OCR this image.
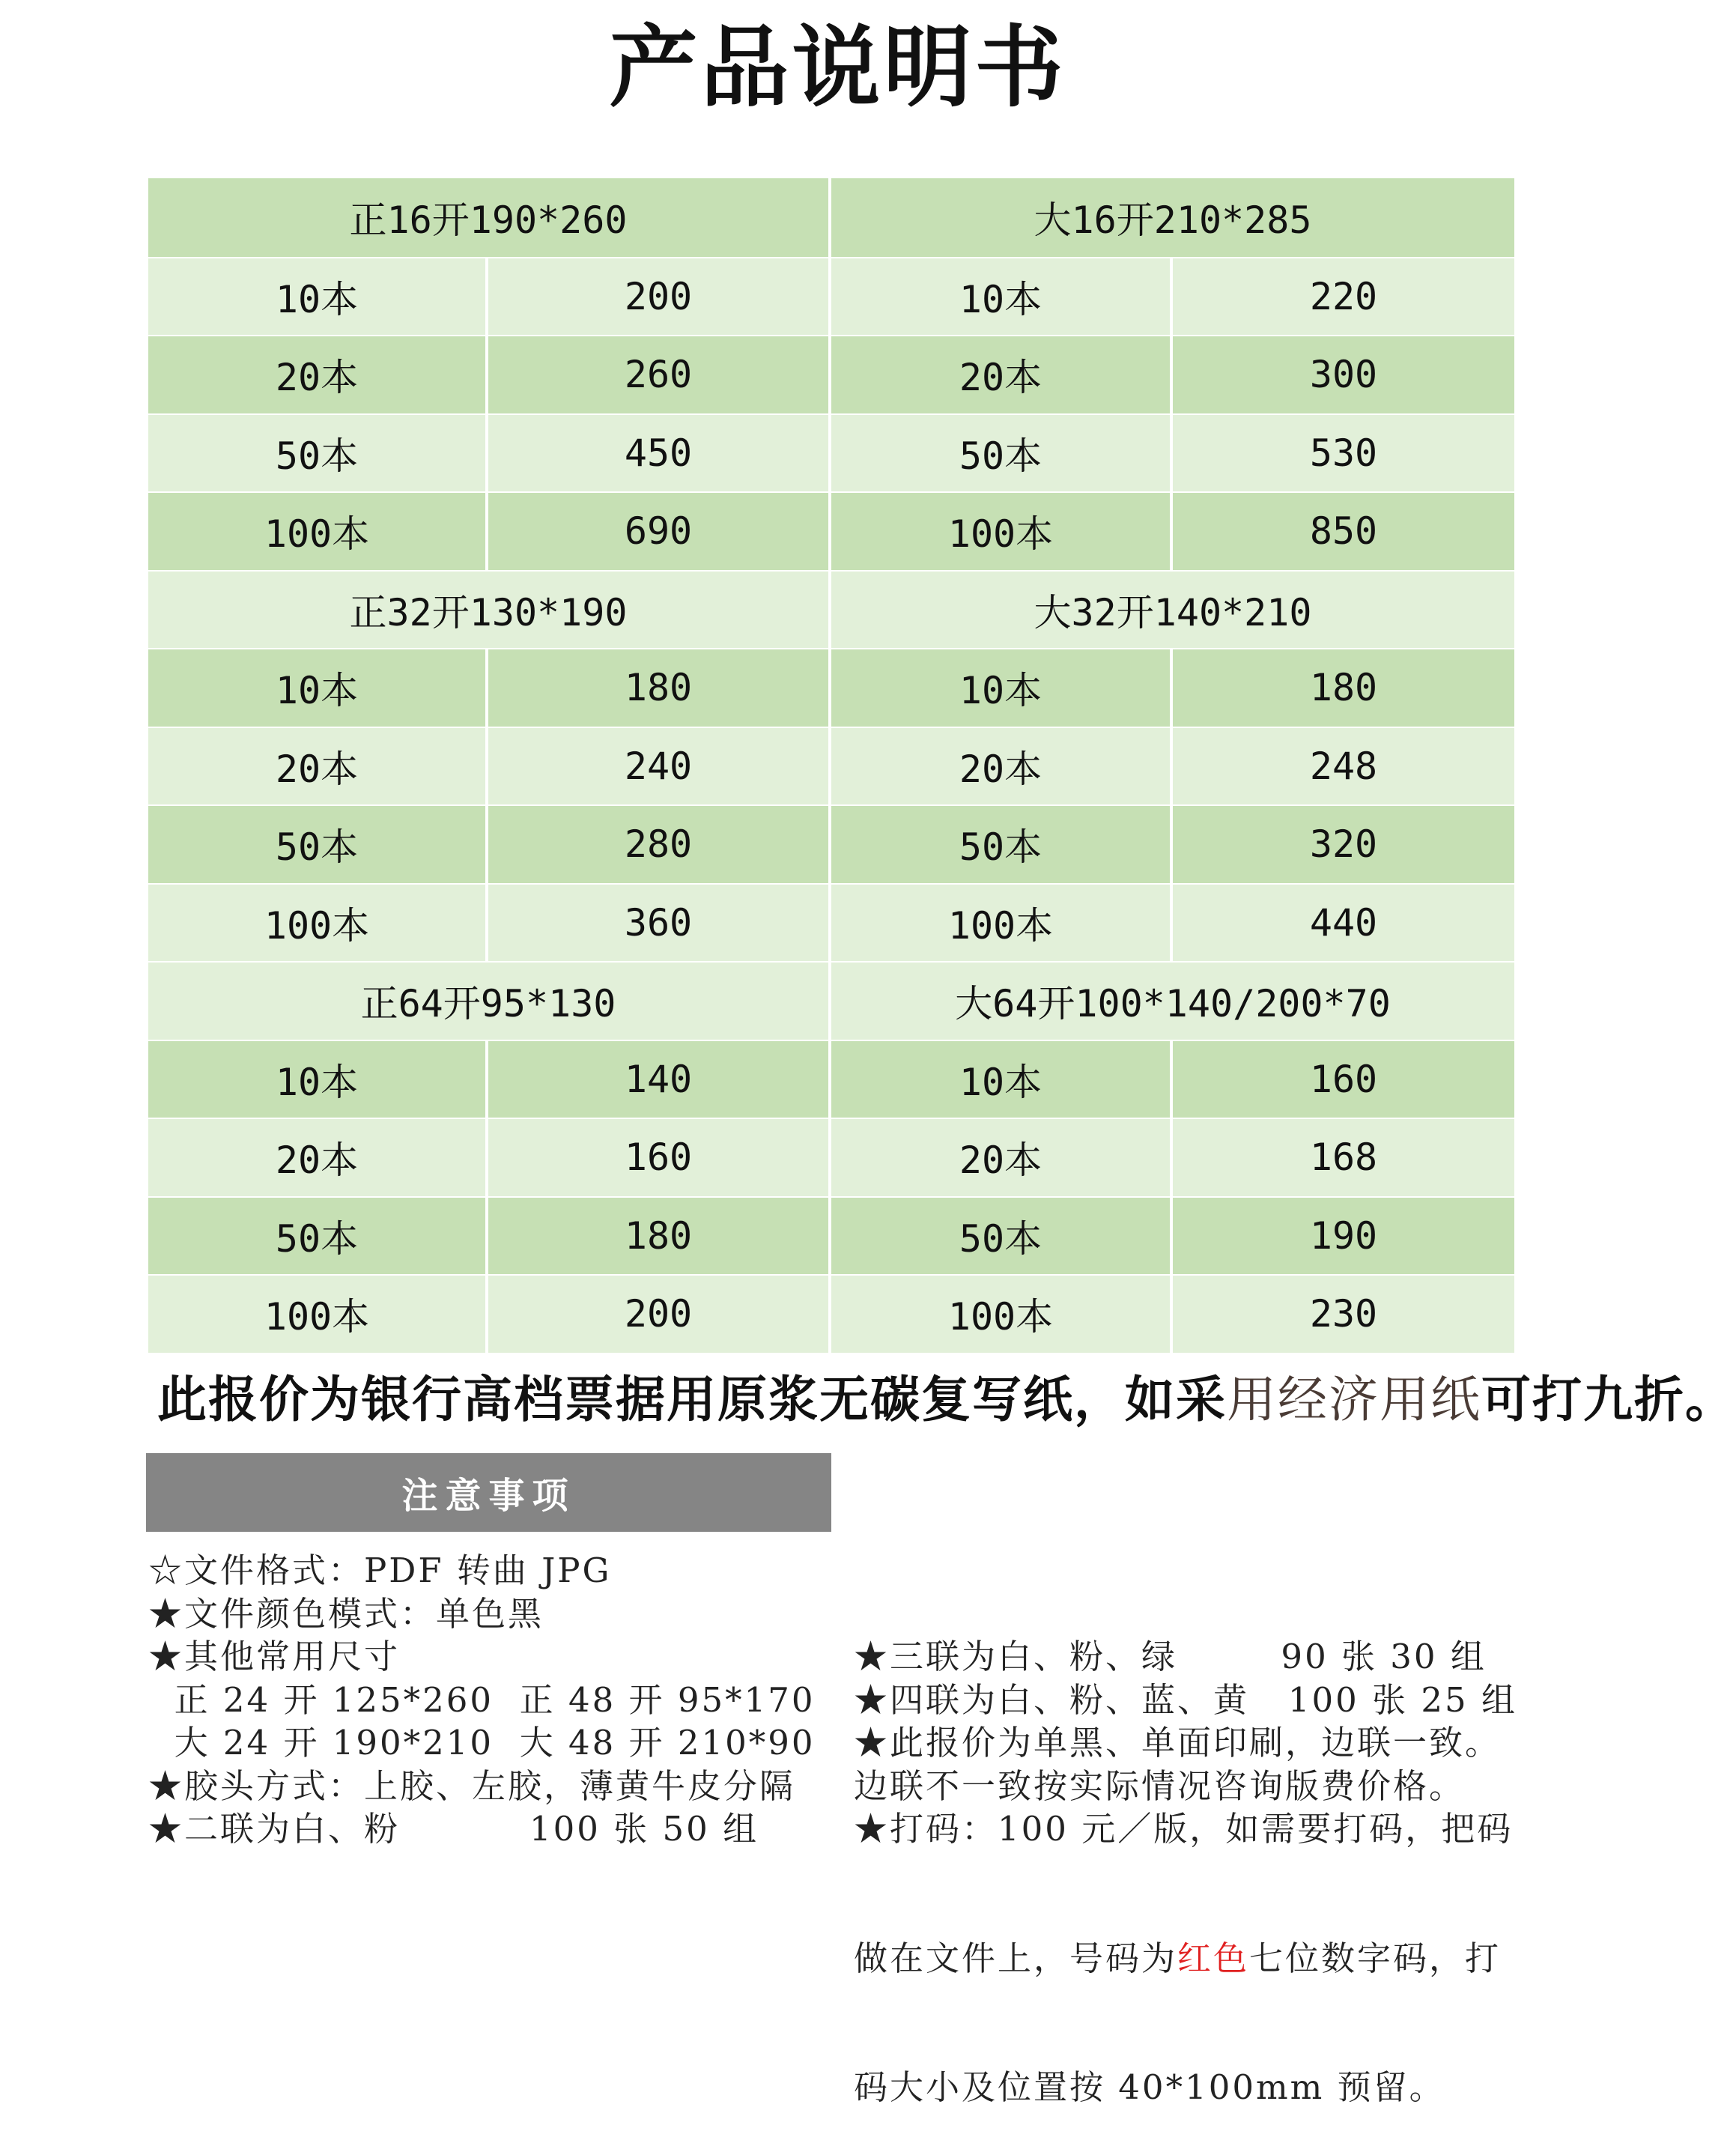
产品说明书
正16开190*260	大16开210*285
10本	200	10本	220
20本	260	20本	300
50本	450	50本	530
100本	690	100本	850
正32开130*190	大32开140*210
10本	180	10本	180
20本	240	20本	248
50本	280	50本	320
100本	360	100本	440
正64开95*130	大64开100*140/200*70
10本	140	10本	160
20本	160	20本	168
50本	180	50本	190
100本	200	100本	230
此报价为银行高档票据用原浆无碳复写纸，如采用经济用纸可打九折。
注意事项
☆文件格式：PDF 转曲 JPG
★文件颜色模式：单色黑
★其他常用尺寸
正 24 开 125*260  正 48 开 95*170
大 24 开 190*210  大 48 开 210*90
★胶头方式：上胶、左胶，薄黄牛皮分隔
★二联为白、粉          100 张 50 组

★三联为白、粉、绿        90 张 30 组
★四联为白、粉、蓝、黄   100 张 25 组
★此报价为单黑、单面印刷，边联一致。
边联不一致按实际情况咨询版费价格。
★打码：100 元／版，如需要打码，把码

做在文件上，号码为红色七位数字码，打

码大小及位置按 40*100mm 预留。
